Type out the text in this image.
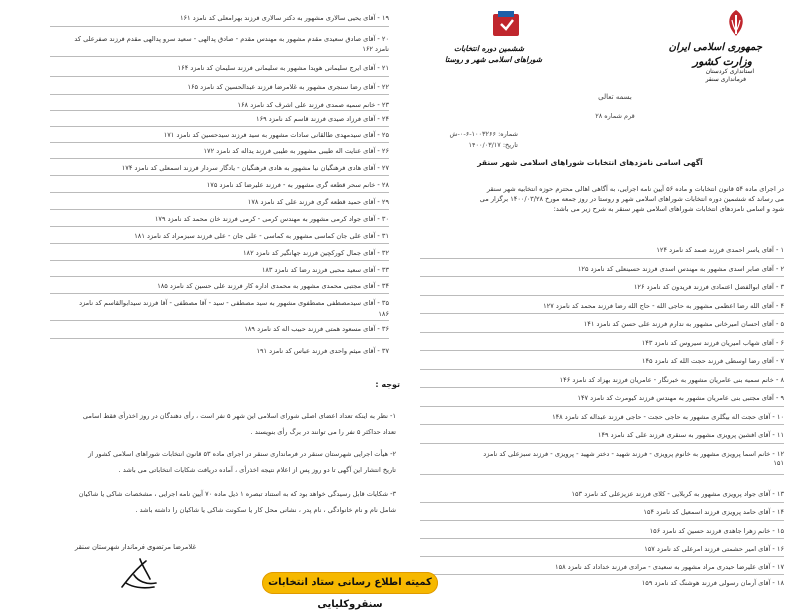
جمهوری اسلامی ایران
وزارت کشور
استانداری کردستان
فرمانداری سنقر
ششمین دوره انتخابات
شوراهای اسلامی شهر و روستا
بسمه تعالی
قرم شماره ۲۸
شماره: ۱۰۰۳۲۶۶-۶-۰-ش
تاریخ: ۱۴۰۰/۰۳/۱۷
آگهی اسامی نامزدهای انتخابات شوراهای اسلامی شهر سنقر
در اجرای ماده ۵۴ قانون انتخابات و ماده ۵۶ آیین نامه اجرایی، به آگاهی اهالی محترم حوزه انتخابیه شهر سنقر
می رساند که ششمین دوره انتخابات شوراهای اسلامی شهر و روستا در روز جمعه مورخ ۱۴۰۰/۰۳/۲۸ برگزار می
شود و اسامی نامزدهای انتخابات شوراهای اسلامی شهر سنقر به شرح زیر می باشد:
۱ - آقای یاسر احمدی فرزند صمد کد نامزد ۱۲۴
۲ - آقای صابر اسدی مشهور به مهندس اسدی فرزند حسینعلی کد نامزد ۱۲۵
۳ - آقای ابوالفضل اعتمادی فرزند فریدون کد نامزد ۱۲۶
۴ - آقای الله رضا اعظمی مشهور به حاجی الله - حاج الله رضا فرزند محمد کد نامزد ۱۲۷
۵ - آقای احسان امیرخانی مشهور به ندارم فرزند علی حسن کد نامزد ۱۴۱
۶ - آقای شهاب امیریان فرزند سیروس کد نامزد ۱۴۳
۷ - آقای رضا اوسطی فرزند حجت الله کد نامزد ۱۴۵
۸ - خانم سمیه بنی عامریان مشهور به خبرنگار - عامریان فرزند بهزاد کد نامزد ۱۴۶
۹ - آقای مجتبی بنی عامریان مشهور به مهندس فرزند کیومرث کد نامزد ۱۴۷
۱۰ - آقای حجت اله بیگلری مشهور به حاجی حجت - حاجی فرزند عبداله کد نامزد ۱۴۸
۱۱ - آقای افشین پرویزی مشهور به سنقری فرزند علی کد نامزد ۱۴۹
۱۲ - خانم اسما پرویزی مشهور به خانوم پرویزی - فرزند شهید - دختر شهید - پرویزی - فرزند سبزعلی کد نامزد
۱۵۱
۱۳ - آقای جواد پرویزی مشهور به کربلایی - کلای فرزند عزیزعلی کد نامزد ۱۵۳
۱۴ - آقای حامد پرویزی فرزند اسمعیل کد نامزد ۱۵۴
۱۵ - خانم زهرا جاهدی فرزند حسین کد نامزد ۱۵۶
۱۶ - آقای امیر حشمتی فرزند امرعلی کد نامزد ۱۵۷
۱۷ - آقای علیرضا حیدری مراد مشهور به سعیدی - مرادی فرزند خداداد کد نامزد ۱۵۸
۱۸ - آقای آرمان رسولی فرزند هوشنگ کد نامزد ۱۵۹
۱۹ - آقای یحیی سالاری مشهور به دکتر سالاری فرزند بهرامعلی کد نامزد ۱۶۱
۲۰ - آقای صادق سعیدی مقدم مشهور به مهندس مقدم - صادق پدالهی - سعید سرو پدالهی مقدم فرزند صفرعلی کد
نامزد ۱۶۲
۲۱ - آقای ایرج سلیمانی هویدا مشهور به سلیمانی فرزند سلیمان کد نامزد ۱۶۴
۲۲ - آقای رضا سنجری مشهور به غلامرضا فرزند عبدالحسین کد نامزد ۱۶۵
۲۳ - خانم سمیه صمدی فرزند علی اشرف کد نامزد ۱۶۸
۲۴ - آقای فرزاد صیدی فرزند قاسم کد نامزد ۱۶۹
۲۵ - آقای سیدمهدی طالقانی سادات مشهور به سید فرزند سیدحسین کد نامزد ۱۷۱
۲۶ - آقای عنایت اله طیبی مشهور به طیبی فرزند یداله کد نامزد ۱۷۲
۲۷ - آقای هادی فرهنگیان نیا مشهور به هادی فرهنگیان - یادگار سردار فرزند اسمعلی کد نامزد ۱۷۴
۲۸ - خانم سحر قطعه گری مشهور به - فرزند علیرضا کد نامزد ۱۷۵
۲۹ - آقای حمید قطعه گری فرزند علی کد نامزد ۱۷۸
۳۰ - آقای جواد کرمی مشهور به مهندس کرمی - کرمی فرزند خان محمد کد نامزد ۱۷۹
۳۱ - آقای علی جان کماسی مشهور به کماسی - علی جان - علی فرزند سبزمراد کد نامزد ۱۸۱
۳۲ - آقای جمال کورکچین فرزند جهانگیر کد نامزد ۱۸۲
۳۳ - آقای سعید محبی فرزند رضا کد نامزد ۱۸۳
۳۴ - آقای مجتبی محمدی مشهور به محمدی اداره کار فرزند علی حسین کد نامزد ۱۸۵
۳۵ - آقای سیدمصطفی مصطفوی مشهور به سید مصطفی - سید - آقا مصطفی - آقا فرزند سیدابوالقاسم کد نامزد
۱۸۶
۳۶ - آقای مسعود همتی فرزند حبیب اله کد نامزد ۱۸۹
۳۷ - آقای میثم واحدی فرزند عباس کد نامزد ۱۹۱
توجه :
۱- نظر به اینکه تعداد اعضای اصلی شورای اسلامی این شهر ۵ نفر است ، رأی دهندگان در روز اخذرأی فقط اسامی
تعداد حداکثر ۵ نفر را می توانند در برگ رأی بنویسند .
۲- هیأت اجرایی شهرستان سنقر در فرمانداری سنقر در اجرای ماده ۵۳ قانون انتخابات شوراهای اسلامی کشور از
تاریخ انتشار این آگهی تا دو روز پس از اعلام نتیجه اخذرأی ، آماده دریافت شکایات انتخاباتی می باشد .
۳- شکایات قابل رسیدگی خواهد بود که به استناد تبصره ۱ ذیل ماده ۷۰ آیین نامه اجرایی ، مشخصات شاکی یا شاکیان
شامل نام و نام خانوادگی ، نام پدر ، نشانی محل کار یا سکونت شاکی یا شاکیان را داشته باشد .
غلامرضا مرتضوی فرماندار شهرستان سنقر
کمیته اطلاع رسانی ستاد انتخابات سنقروکلیایی
